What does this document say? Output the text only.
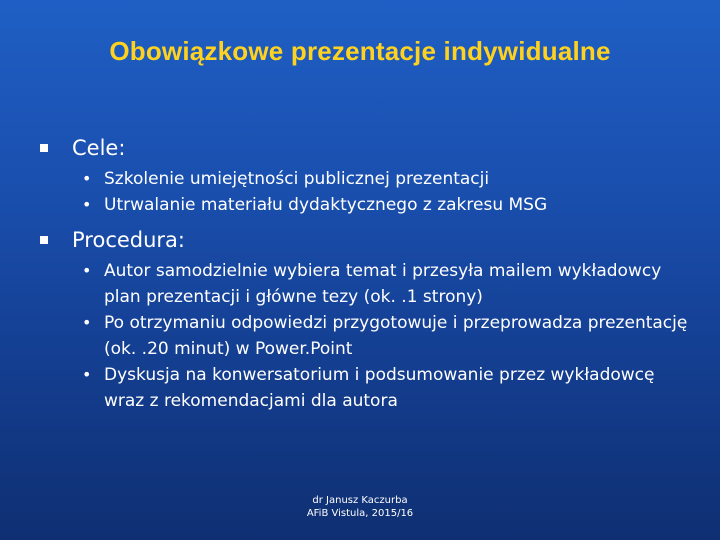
Obowiązkowe prezentacje indywidualne
Cele:
• Szkolenie umiejętności publicznej prezentacji
• Utrwalanie materiału dydaktycznego z zakresu MSG
Procedura:
• Autor samodzielnie wybiera temat i przesyła mailem wykładowcy plan prezentacji i główne tezy (ok. .1 strony)
• Po otrzymaniu odpowiedzi przygotowuje i przeprowadza prezentację (ok. .20 minut) w Power.Point
• Dyskusja na konwersatorium i podsumowanie przez wykładowcę wraz z rekomendacjami dla autora
dr Janusz Kaczurba
AFiB Vistula, 2015/16
